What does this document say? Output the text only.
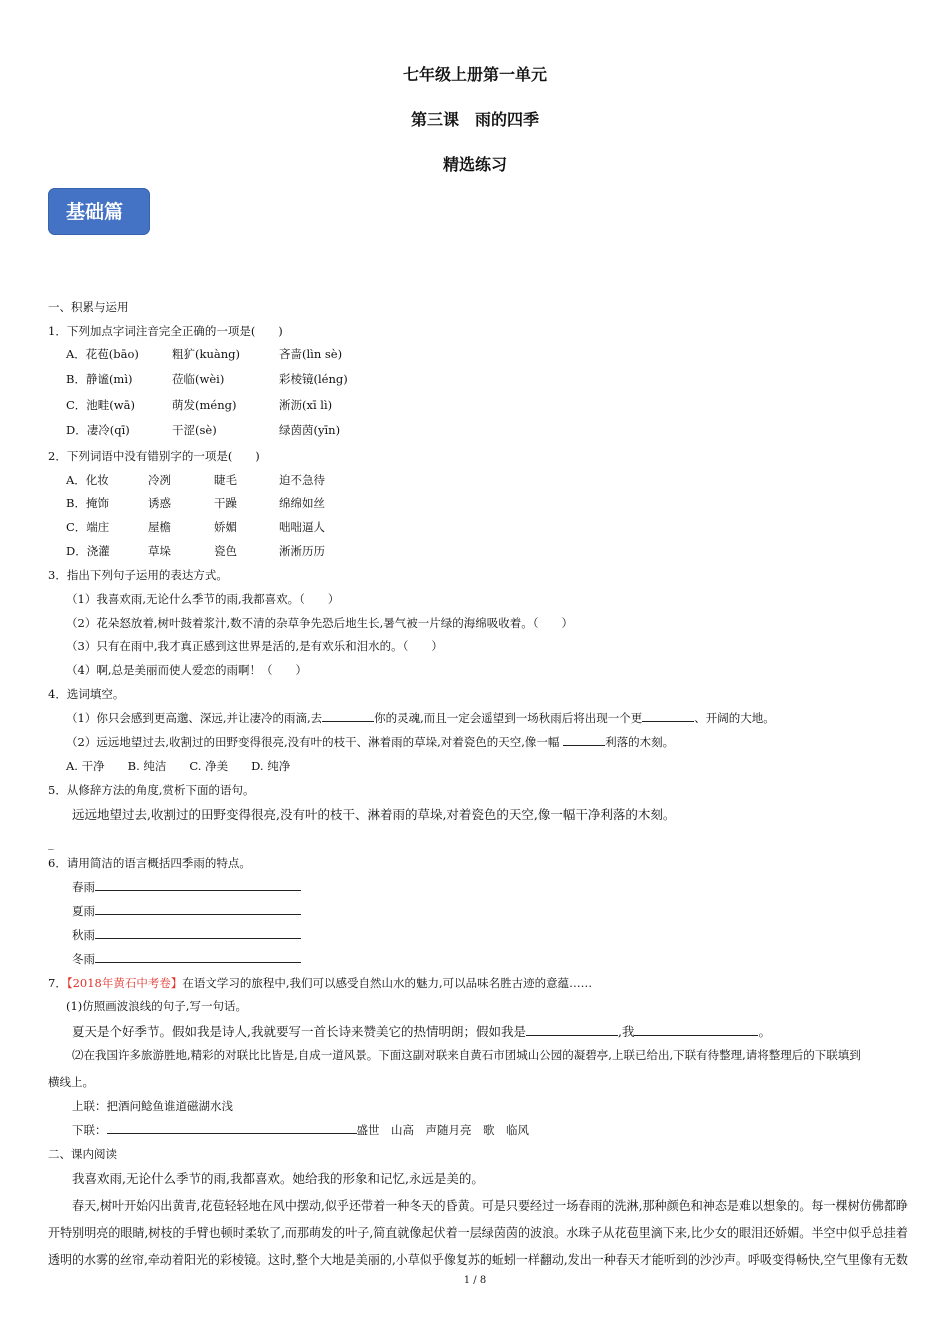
七年级上册第一单元
第三课　雨的四季
精选练习
基础篇
一、积累与运用
1．下列加点字词注音完全正确的一项是(　　)
A．花苞(bāo)	粗犷(kuàng)	吝啬(lìn sè)
B．静谧(mì)	莅临(wèi)	彩棱镜(léng)
C．池畦(wā)	萌发(méng)	淅沥(xī lì)
D．凄冷(qī)	干涩(sè)	绿茵茵(yīn)
2．下列词语中没有错别字的一项是(　　)
A．化妆	冷冽	睫毛	迫不急待
B．掩饰	诱惑	干躁	绵绵如丝
C．端庄	屋檐	娇媚	咄咄逼人
D．浇灌	草垛	瓷色	淅淅历历
3．指出下列句子运用的表达方式。
（1）我喜欢雨,无论什么季节的雨,我都喜欢。（　　）
（2）花朵怒放着,树叶鼓着浆汁,数不清的杂草争先恐后地生长,暑气被一片绿的海绵吸收着。（　　）
（3）只有在雨中,我才真正感到这世界是活的,是有欢乐和泪水的。（　　）
（4）啊,总是美丽而使人爱恋的雨啊！（　　）
4．选词填空。
（1）你只会感到更高邈、深远,并让凄冷的雨滴,去	你的灵魂,而且一定会遥望到一场秋雨后将出现一个更	、开阔的大地。
（2）远远地望过去,收割过的田野变得很亮,没有叶的枝干、淋着雨的草垛,对着瓷色的天空,像一幅	利落的木刻。
A. 干净　　B. 纯洁　　C. 净美　　D. 纯净
5．从修辞方法的角度,赏析下面的语句。
远远地望过去,收割过的田野变得很亮,没有叶的枝干、淋着雨的草垛,对着瓷色的天空,像一幅干净利落的木刻。
_
6．请用简洁的语言概括四季雨的特点。
春雨
夏雨
秋雨
冬雨
7．【2018年黄石中考卷】在语文学习的旅程中,我们可以感受自然山水的魅力,可以品味名胜古迹的意蕴……
(1)仿照画波浪线的句子,写一句话。
夏天是个好季节。假如我是诗人,我就要写一首长诗来赞美它的热情明朗；假如我是	,我	。
⑵在我国许多旅游胜地,精彩的对联比比皆是,自成一道风景。下面这副对联来自黄石市团城山公园的凝碧亭,上联已给出,下联有待整理,请将整理后的下联填到
横线上。
上联：把酒问鲶鱼谁道磁湖水浅
下联：	盛世　山高　声随月亮　歌　临风
二、课内阅读
我喜欢雨,无论什么季节的雨,我都喜欢。她给我的形象和记忆,永远是美的。
春天,树叶开始闪出黄青,花苞轻轻地在风中摆动,似乎还带着一种冬天的昏黄。可是只要经过一场春雨的洗淋,那种颜色和神态是难以想象的。每一棵树仿佛都睁
开特别明亮的眼睛,树枝的手臂也顿时柔软了,而那萌发的叶子,简直就像起伏着一层绿茵茵的波浪。水珠子从花苞里滴下来,比少女的眼泪还娇媚。半空中似乎总挂着
透明的水雾的丝帘,牵动着阳光的彩棱镜。这时,整个大地是美丽的,小草似乎像复苏的蚯蚓一样翻动,发出一种春天才能听到的沙沙声。呼吸变得畅快,空气里像有无数
1 / 8
